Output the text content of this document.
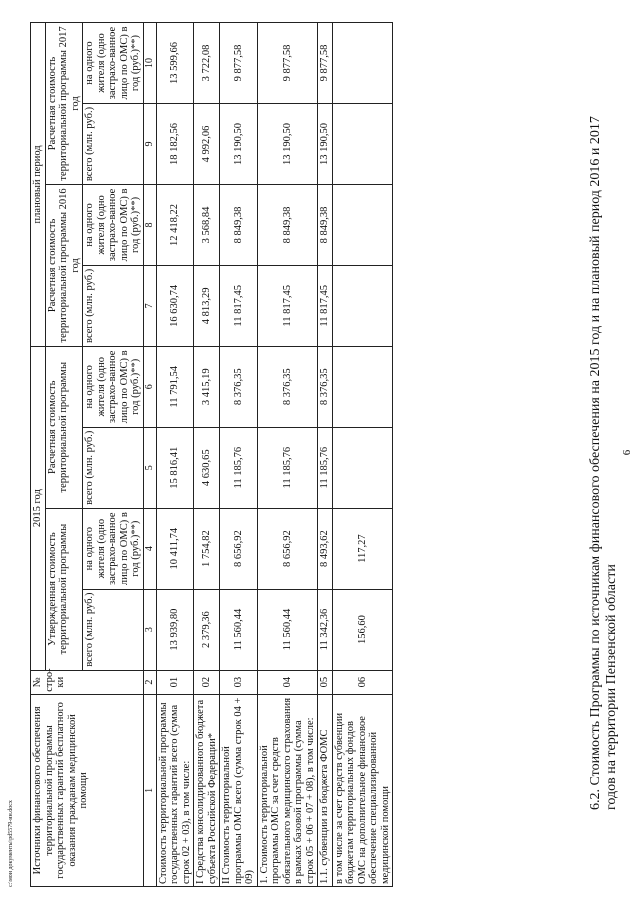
6
6.2. Стоимость Программы по источникам финансового обеспечения на 2015 год и на плановый период 2016 и 2017 годов на территории Пензенской области
Источники финансового обеспечения территориальной программы государственных гарантий бесплатного оказания гражданам медицинской помощи	№ стро-ки	2015 год				плановый период			
		Утвержденная стоимость территориальной программы		Расчетная стоимость территориальной программы		Расчетная стоимость территориальной программы 2016 год		Расчетная стоимость территориальной программы 2017 год	
		всего (млн. руб.)	на одного жителя (одно застрахо-ванное лицо по ОМС) в год (руб.)**)	всего (млн. руб.)	на одного жителя (одно застрахо-ванное лицо по ОМС) в год (руб.)**)	всего (млн. руб.)	на одного жителя (одно застрахо-ванное лицо по ОМС) в год (руб.)**)	всего (млн. руб.)	на одного жителя (одно застрахо-ванное лицо по ОМС) в год (руб.)**)
1	2	3	4	5	6	7	8	9	10
Стоимость территориальной программы государственных гарантий всего (сумма строк 02 + 03), в том числе:	01	13 939,80	10 411,74	15 816,41	11 791,54	16 630,74	12 418,22	18 182,56	13 599,66
I Средства консолидированного бюджета субъекта Российской Федерации*	02	2 379,36	1 754,82	4 630,65	3 415,19	4 813,29	3 568,84	4 992,06	3 722,08
II Стоимость территориальной программы ОМС всего (сумма строк 04 + 09)	03	11 560,44	8 656,92	11 185,76	8 376,35	11 817,45	8 849,38	13 190,50	9 877,58
1. Стоимость территориальной программы ОМС за счет средств обязательного медицинского страхования в рамках базовой программы (сумма строк 05 + 06 + 07 + 08), в том числе:	04	11 560,44	8 656,92	11 185,76	8 376,35	11 817,45	8 849,38	13 190,50	9 877,58
1.1. субвенции из бюджета ФОМС	05	11 342,36	8 493,62	11 185,76	8 376,35	11 817,45	8 849,38	13 190,50	9 877,58
в том числе за счет средств субвенции бюджетам территориальных фондов ОМС на дополнительное финансовое обеспечение специализированной медицинской помощи	06	156,60	117,27						
c:\мои документы\pd5579-ин.docx
